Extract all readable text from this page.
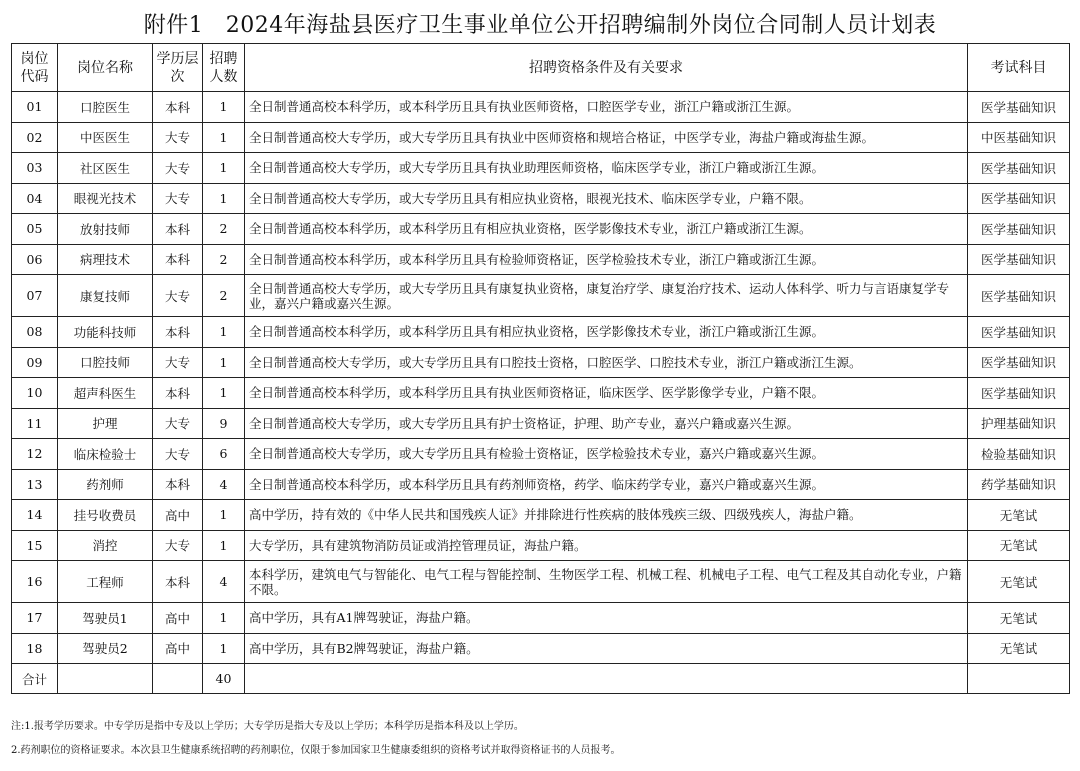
附件1　2024年海盐县医疗卫生事业单位公开招聘编制外岗位合同制人员计划表
岗位代码	岗位名称	学历层次	招聘人数	招聘资格条件及有关要求	考试科目
01	口腔医生	本科	1	全日制普通高校本科学历，或本科学历且具有执业医师资格，口腔医学专业，浙江户籍或浙江生源。	医学基础知识
02	中医医生	大专	1	全日制普通高校大专学历，或大专学历且具有执业中医师资格和规培合格证，中医学专业，海盐户籍或海盐生源。	中医基础知识
03	社区医生	大专	1	全日制普通高校大专学历，或大专学历且具有执业助理医师资格，临床医学专业，浙江户籍或浙江生源。	医学基础知识
04	眼视光技术	大专	1	全日制普通高校大专学历，或大专学历且具有相应执业资格，眼视光技术、临床医学专业，户籍不限。	医学基础知识
05	放射技师	本科	2	全日制普通高校本科学历，或本科学历且有相应执业资格，医学影像技术专业，浙江户籍或浙江生源。	医学基础知识
06	病理技术	本科	2	全日制普通高校本科学历，或本科学历且具有检验师资格证，医学检验技术专业，浙江户籍或浙江生源。	医学基础知识
07	康复技师	大专	2	全日制普通高校大专学历，或大专学历且具有康复执业资格，康复治疗学、康复治疗技术、运动人体科学、听力与言语康复学专业，嘉兴户籍或嘉兴生源。	医学基础知识
08	功能科技师	本科	1	全日制普通高校本科学历，或本科学历且具有相应执业资格，医学影像技术专业，浙江户籍或浙江生源。	医学基础知识
09	口腔技师	大专	1	全日制普通高校大专学历，或大专学历且具有口腔技士资格，口腔医学、口腔技术专业，浙江户籍或浙江生源。	医学基础知识
10	超声科医生	本科	1	全日制普通高校本科学历，或本科学历且具有执业医师资格证，临床医学、医学影像学专业，户籍不限。	医学基础知识
11	护理	大专	9	全日制普通高校大专学历，或大专学历且具有护士资格证，护理、助产专业，嘉兴户籍或嘉兴生源。	护理基础知识
12	临床检验士	大专	6	全日制普通高校大专学历，或大专学历且具有检验士资格证，医学检验技术专业，嘉兴户籍或嘉兴生源。	检验基础知识
13	药剂师	本科	4	全日制普通高校本科学历，或本科学历且具有药剂师资格，药学、临床药学专业，嘉兴户籍或嘉兴生源。	药学基础知识
14	挂号收费员	高中	1	高中学历，持有效的《中华人民共和国残疾人证》并排除进行性疾病的肢体残疾三级、四级残疾人，海盐户籍。	无笔试
15	消控	大专	1	大专学历，具有建筑物消防员证或消控管理员证，海盐户籍。	无笔试
16	工程师	本科	4	本科学历，建筑电气与智能化、电气工程与智能控制、生物医学工程、机械工程、机械电子工程、电气工程及其自动化专业，户籍不限。	无笔试
17	驾驶员1	高中	1	高中学历，具有A1牌驾驶证，海盐户籍。	无笔试
18	驾驶员2	高中	1	高中学历，具有B2牌驾驶证，海盐户籍。	无笔试
合计			40		
注:1.报考学历要求。中专学历是指中专及以上学历；大专学历是指大专及以上学历；本科学历是指本科及以上学历。
2.药剂职位的资格证要求。本次县卫生健康系统招聘的药剂职位，仅限于参加国家卫生健康委组织的资格考试并取得资格证书的人员报考。
